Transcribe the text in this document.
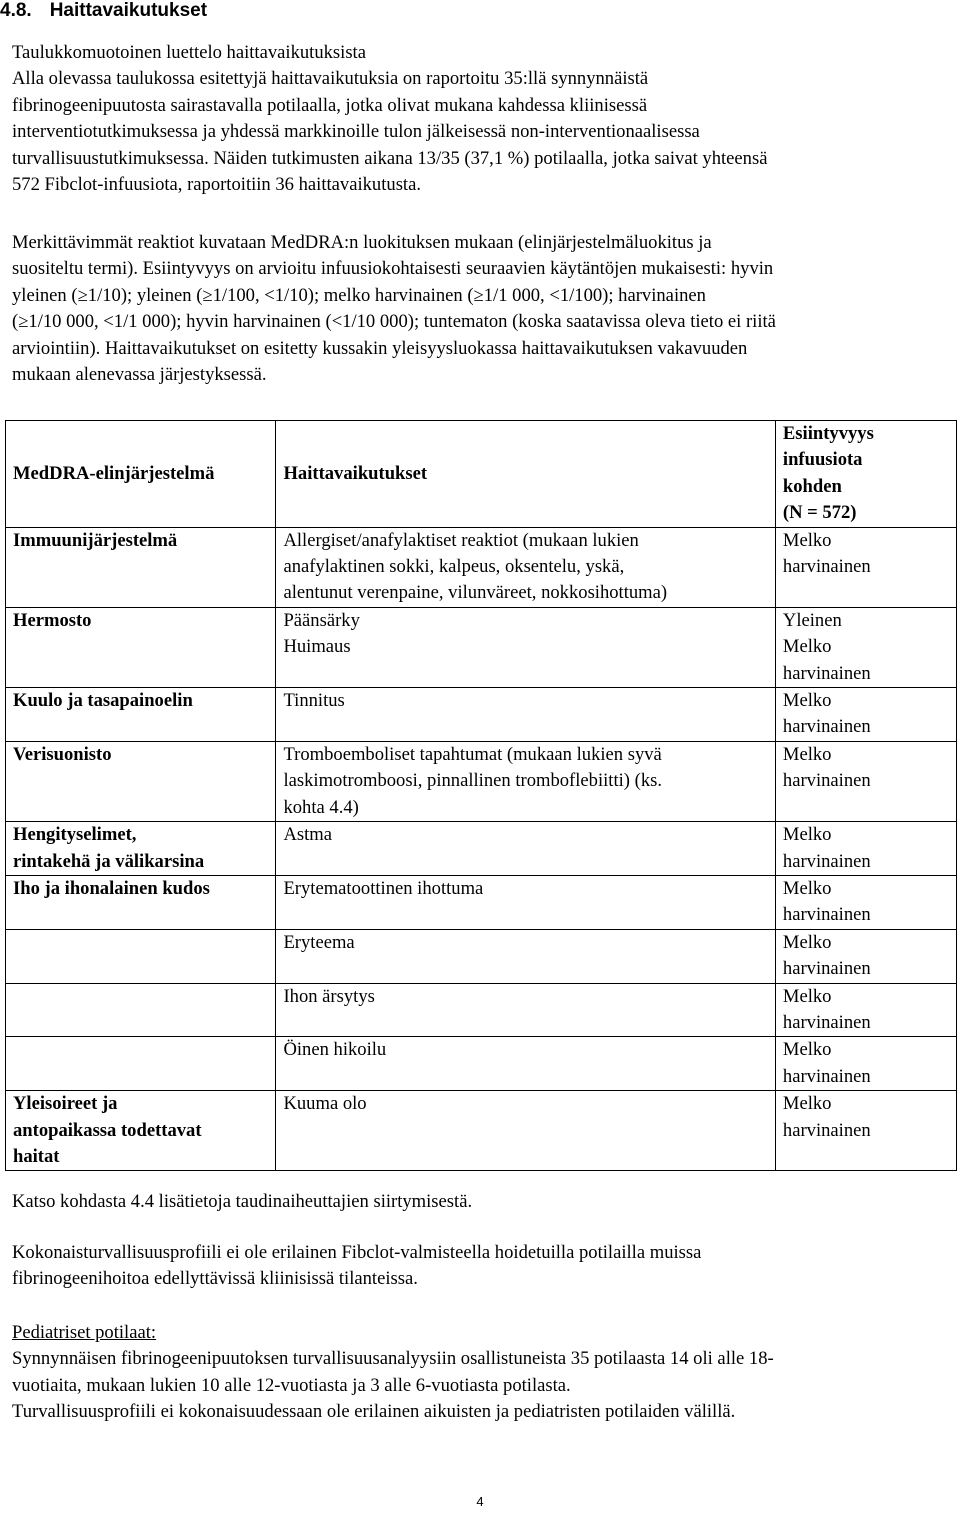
4.8. Haittavaikutukset
Taulukkomuotoinen luettelo haittavaikutuksista
Alla olevassa taulukossa esitettyjä haittavaikutuksia on raportoitu 35:llä synnynnäistä
fibrinogeenipuutosta sairastavalla potilaalla, jotka olivat mukana kahdessa kliinisessä
interventiotutkimuksessa ja yhdessä markkinoille tulon jälkeisessä non-interventionaalisessa
turvallisuustutkimuksessa. Näiden tutkimusten aikana 13/35 (37,1 %) potilaalla, jotka saivat yhteensä
572 Fibclot-infuusiota, raportoitiin 36 haittavaikutusta.
Merkittävimmät reaktiot kuvataan MedDRA:n luokituksen mukaan (elinjärjestelmäluokitus ja
suositeltu termi). Esiintyvyys on arvioitu infuusiokohtaisesti seuraavien käytäntöjen mukaisesti: hyvin
yleinen (≥1/10); yleinen (≥1/100, <1/10); melko harvinainen (≥1/1 000, <1/100); harvinainen
(≥1/10 000, <1/1 000); hyvin harvinainen (<1/10 000); tuntematon (koska saatavissa oleva tieto ei riitä
arviointiin). Haittavaikutukset on esitetty kussakin yleisyysluokassa haittavaikutuksen vakavuuden
mukaan alenevassa järjestyksessä.
MedDRA-elinjärjestelmä	Haittavaikutukset	Esiintyvyys
infuusiota
kohden
(N = 572)

Immuunijärjestelmä	Allergiset/anafylaktiset reaktiot (mukaan lukien
anafylaktinen sokki, kalpeus, oksentelu, yskä,
alentunut verenpaine, vilunväreet, nokkosihottuma)	Melko
harvinainen

Hermosto	Päänsärky
Huimaus	Yleinen
Melko
harvinainen

Kuulo ja tasapainoelin	Tinnitus	Melko
harvinainen

Verisuonisto	Tromboemboliset tapahtumat (mukaan lukien syvä
laskimotromboosi, pinnallinen tromboflebiitti) (ks.
kohta 4.4)	Melko
harvinainen

Hengityselimet,
rintakehä ja välikarsina	Astma	Melko
harvinainen

Iho ja ihonalainen kudos	Erytematoottinen ihottuma	Melko
harvinainen

	Eryteema	Melko
harvinainen

	Ihon ärsytys	Melko
harvinainen

	Öinen hikoilu	Melko
harvinainen

Yleisoireet ja
antopaikassa todettavat
haitat	Kuuma olo	Melko
harvinainen
Katso kohdasta 4.4 lisätietoja taudinaiheuttajien siirtymisestä.
Kokonaisturvallisuusprofiili ei ole erilainen Fibclot-valmisteella hoidetuilla potilailla muissa
fibrinogeenihoitoa edellyttävissä kliinisissä tilanteissa.
Pediatriset potilaat:
Synnynnäisen fibrinogeenipuutoksen turvallisuusanalyysiin osallistuneista 35 potilaasta 14 oli alle 18-
vuotiaita, mukaan lukien 10 alle 12-vuotiasta ja 3 alle 6-vuotiasta potilasta.
Turvallisuusprofiili ei kokonaisuudessaan ole erilainen aikuisten ja pediatristen potilaiden välillä.
4
